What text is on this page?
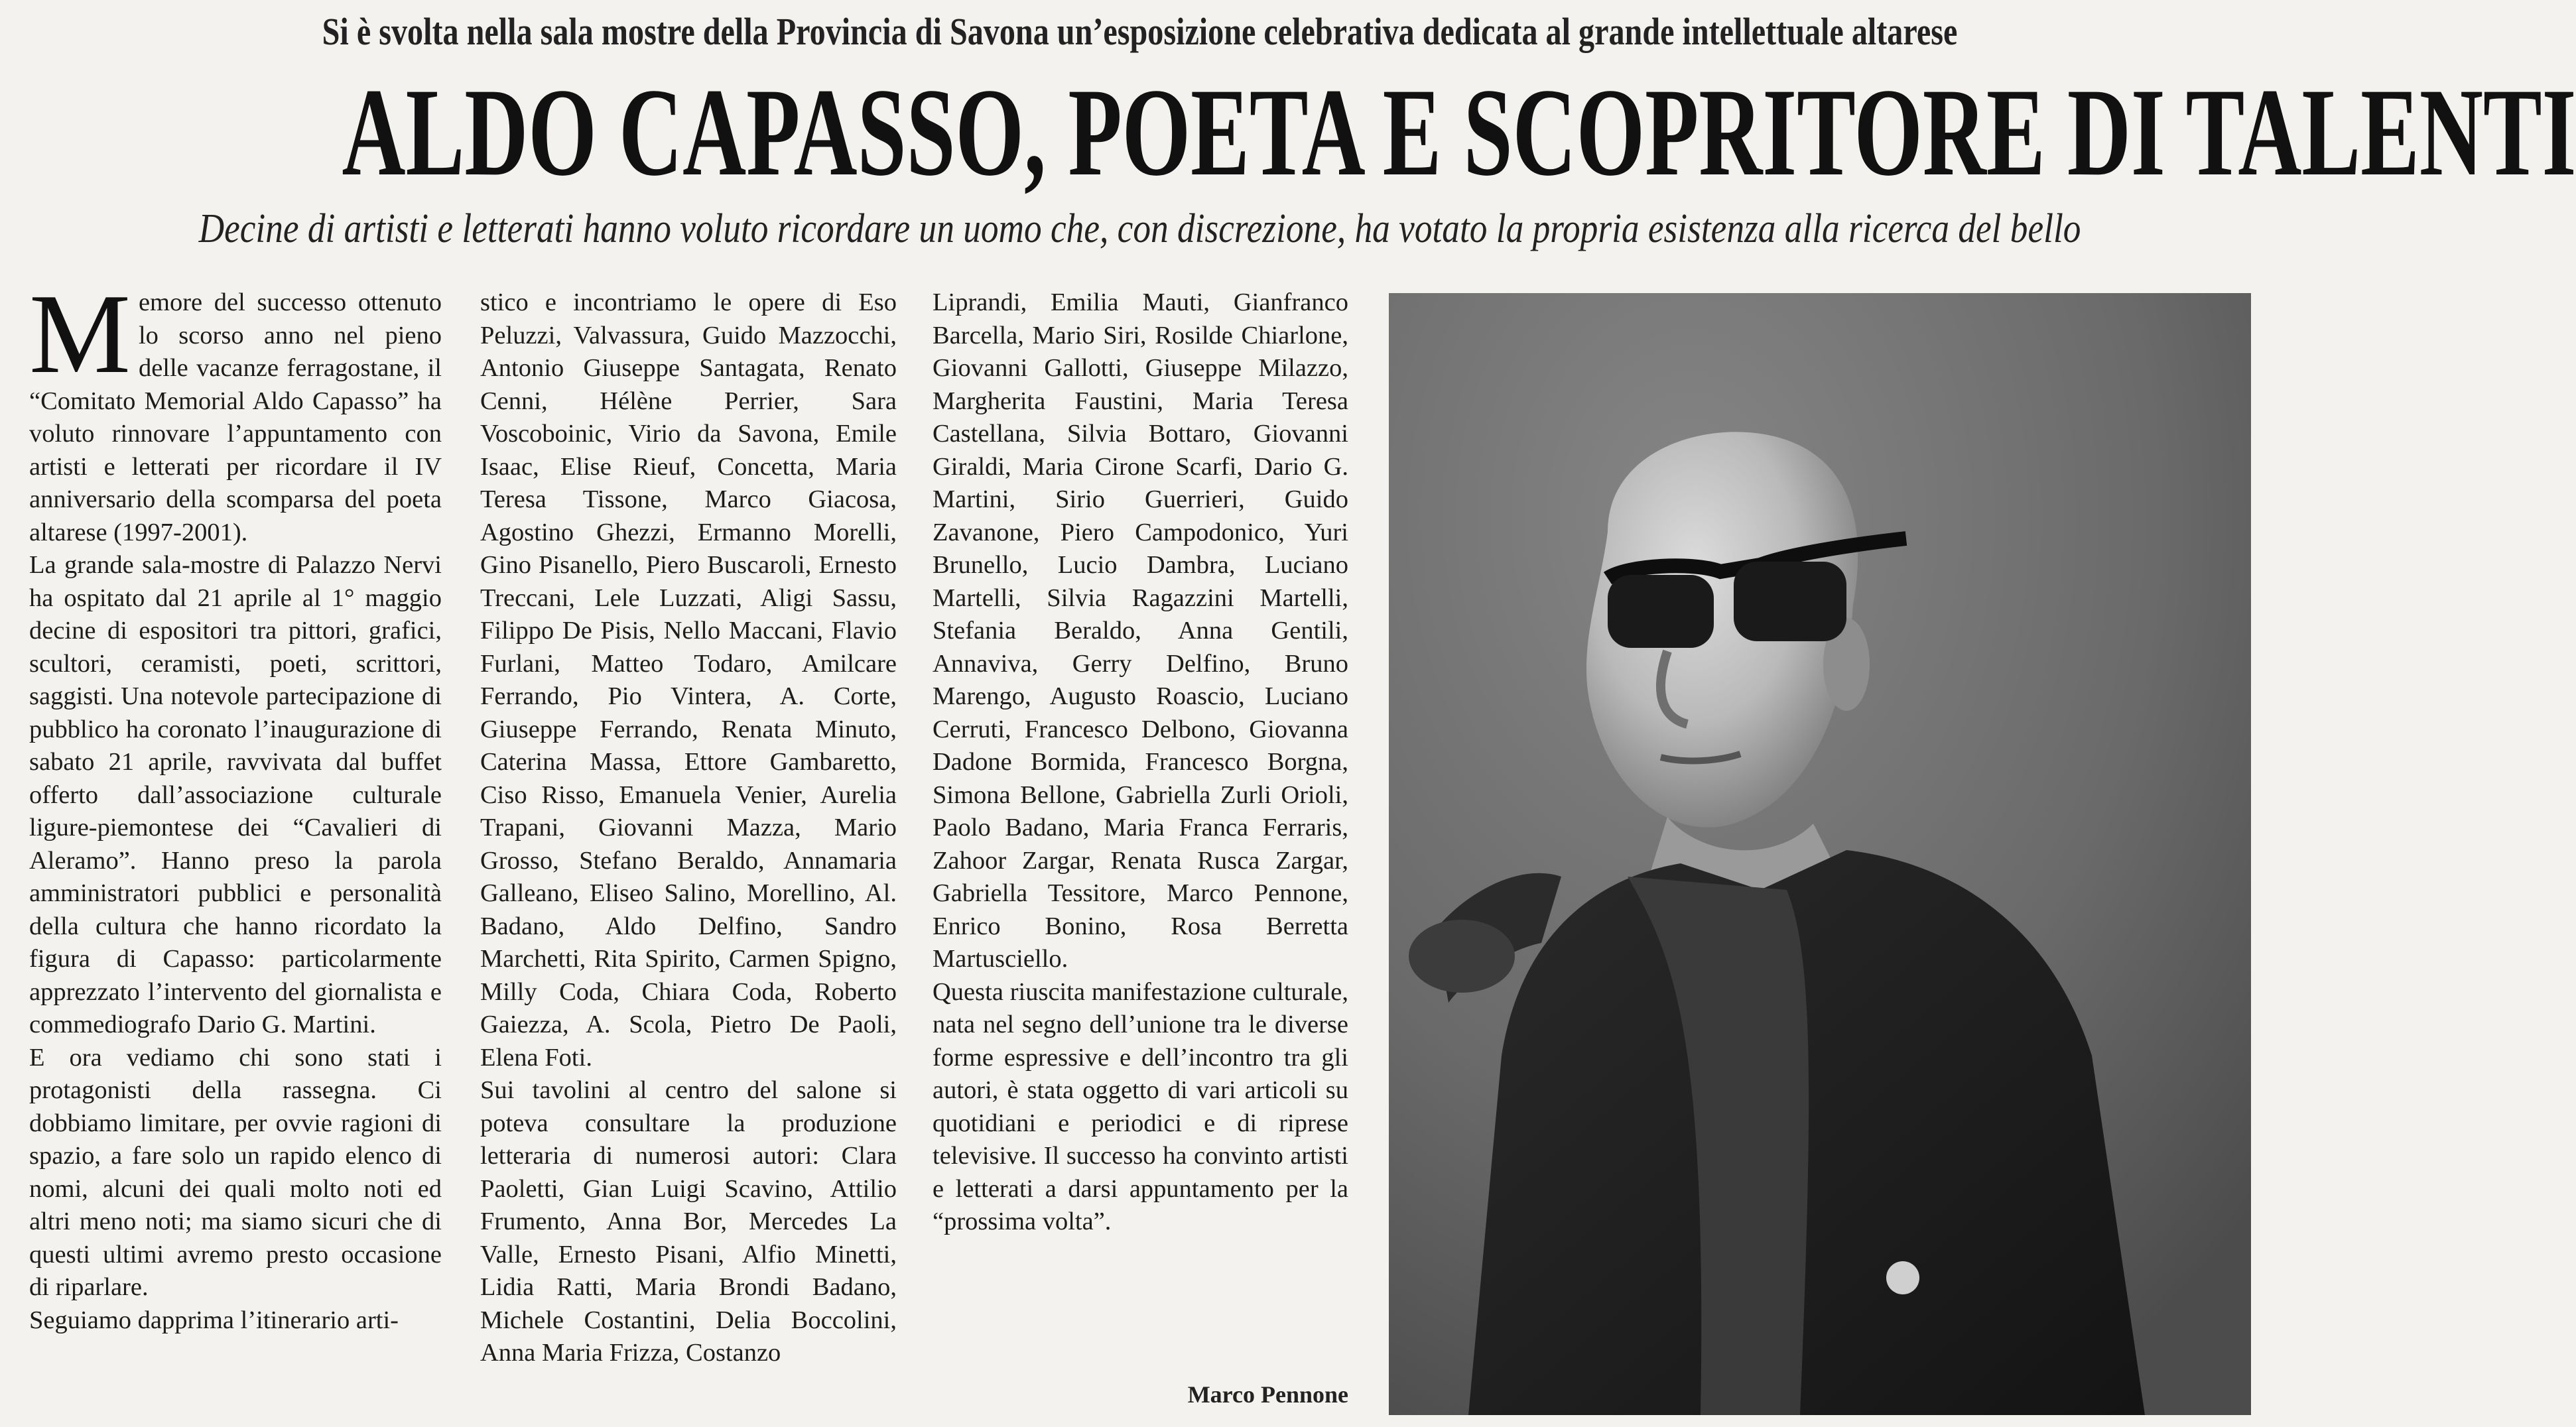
Si è svolta nella sala mostre della Provincia di Savona un’esposizione celebrativa dedicata al grande intellettuale altarese
ALDO CAPASSO, POETA E SCOPRITORE DI TALENTI
Decine di artisti e letterati hanno voluto ricordare un uomo che, con discrezione, ha votato la propria esistenza alla ricerca del bello

Memore del successo ottenuto lo scorso anno nel pieno delle vacanze ferragostane, il “Comitato Memorial Aldo Capasso” ha voluto rinnovare l’appuntamento con artisti e letterati per ricordare il IV anniversario della scomparsa del poeta altarese (1997-2001).

La grande sala-mostre di Palazzo Nervi ha ospitato dal 21 aprile al 1° maggio decine di espositori tra pittori, grafici, scultori, ceramisti, poeti, scrittori, saggisti. Una notevole partecipazione di pubblico ha coronato l’inaugurazione di sabato 21 aprile, ravvivata dal buffet offerto dall’associazione culturale ligure-piemontese dei “Cavalieri di Aleramo”. Hanno preso la parola amministratori pubblici e personalità della cultura che hanno ricordato la figura di Capasso: particolarmente apprezzato l’intervento del giornalista e commediografo Dario G. Martini.

E ora vediamo chi sono stati i protagonisti della rassegna. Ci dobbiamo limitare, per ovvie ragioni di spazio, a fare solo un rapido elenco di nomi, alcuni dei quali molto noti ed altri meno noti; ma siamo sicuri che di questi ultimi avremo presto occasione di riparlare.

Seguiamo dapprima l’itinerario arti-

stico e incontriamo le opere di Eso Peluzzi, Valvassura, Guido Mazzocchi, Antonio Giuseppe Santagata, Renato Cenni, Hélène Perrier, Sara Voscoboinic, Virio da Savona, Emile Isaac, Elise Rieuf, Concetta, Maria Teresa Tissone, Marco Giacosa, Agostino Ghezzi, Ermanno Morelli, Gino Pisanello, Piero Buscaroli, Ernesto Treccani, Lele Luzzati, Aligi Sassu, Filippo De Pisis, Nello Maccani, Flavio Furlani, Matteo Todaro, Amilcare Ferrando, Pio Vintera, A. Corte, Giuseppe Ferrando, Renata Minuto, Caterina Massa, Ettore Gambaretto, Ciso Risso, Emanuela Venier, Aurelia Trapani, Giovanni Mazza, Mario Grosso, Stefano Beraldo, Annamaria Galleano, Eliseo Salino, Morellino, Al. Badano, Aldo Delfino, Sandro Marchetti, Rita Spirito, Carmen Spigno, Milly Coda, Chiara Coda, Roberto Gaiezza, A. Scola, Pietro De Paoli, Elena Foti.

Sui tavolini al centro del salone si poteva consultare la produzione letteraria di numerosi autori: Clara Paoletti, Gian Luigi Scavino, Attilio Frumento, Anna Bor, Mercedes La Valle, Ernesto Pisani, Alfio Minetti, Lidia Ratti, Maria Brondi Badano, Michele Costantini, Delia Boccolini, Anna Maria Frizza, Costanzo

Liprandi, Emilia Mauti, Gianfranco Barcella, Mario Siri, Rosilde Chiarlone, Giovanni Gallotti, Giuseppe Milazzo, Margherita Faustini, Maria Teresa Castellana, Silvia Bottaro, Giovanni Giraldi, Maria Cirone Scarfi, Dario G. Martini, Sirio Guerrieri, Guido Zavanone, Piero Campodonico, Yuri Brunello, Lucio Dambra, Luciano Martelli, Silvia Ragazzini Martelli, Stefania Beraldo, Anna Gentili, Annaviva, Gerry Delfino, Bruno Marengo, Augusto Roascio, Luciano Cerruti, Francesco Delbono, Giovanna Dadone Bormida, Francesco Borgna, Simona Bellone, Gabriella Zurli Orioli, Paolo Badano, Maria Franca Ferraris, Zahoor Zargar, Renata Rusca Zargar, Gabriella Tessitore, Marco Pennone, Enrico Bonino, Rosa Berretta Martusciello.

Questa riuscita manifestazione culturale, nata nel segno dell’unione tra le diverse forme espressive e dell’incontro tra gli autori, è stata oggetto di vari articoli su quotidiani e periodici e di riprese televisive. Il successo ha convinto artisti e letterati a darsi appuntamento per la “prossima volta”.

Marco Pennone
